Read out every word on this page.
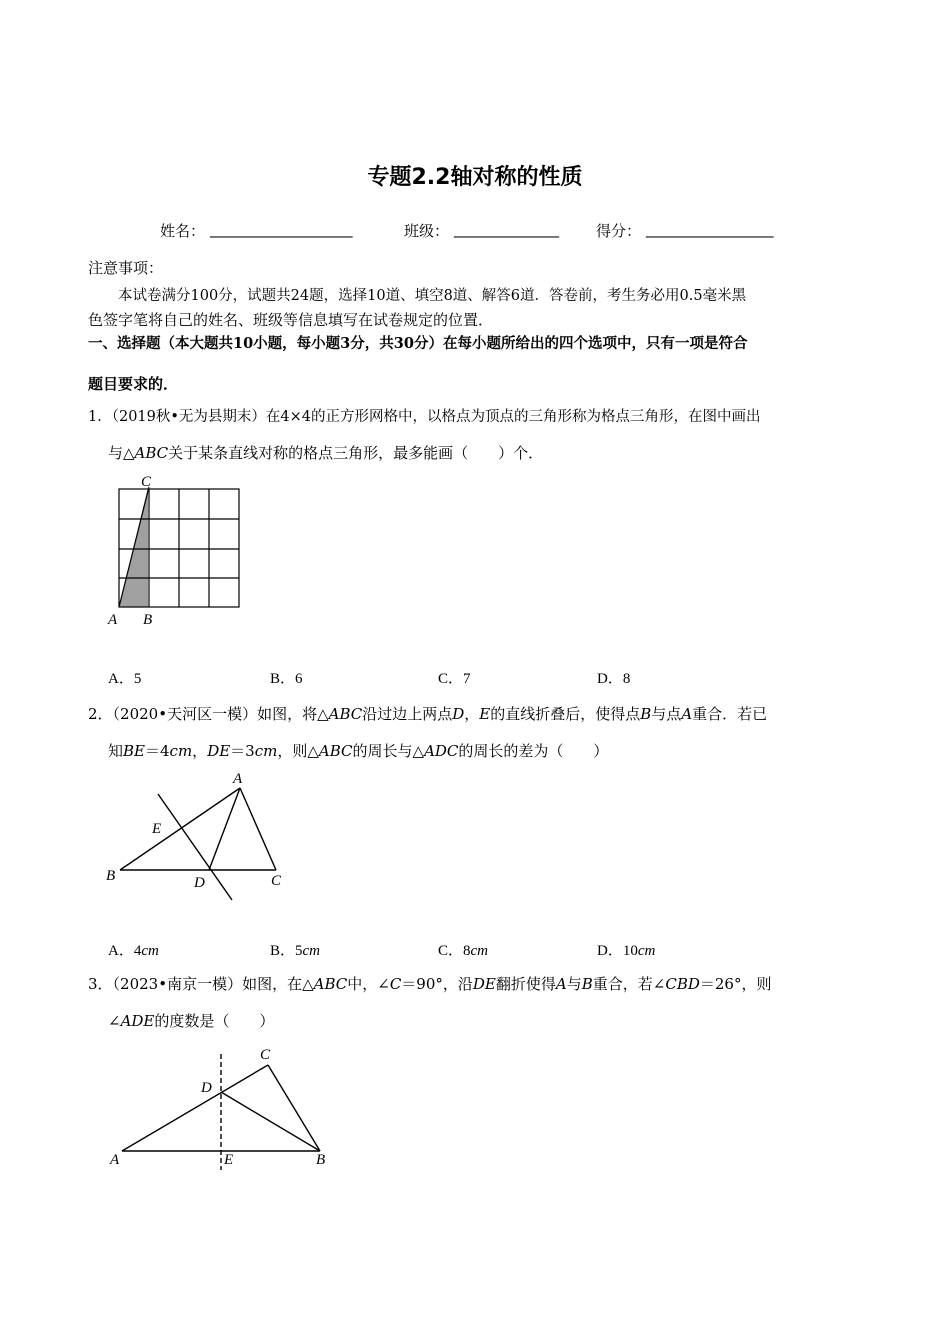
专题2.2轴对称的性质
姓名： ___________________	班级： ______________ 得分： _________________
注意事项：
本试卷满分100分，试题共24题，选择10道、填空8道、解答6道．答卷前，考生务必用0.5毫米黑
色签字笔将自己的姓名、班级等信息填写在试卷规定的位置．
一、选择题（本大题共10小题，每小题3分，共30分）在每小题所给出的四个选项中，只有一项是符合
题目要求的．
1．（2019秋•无为县期末）在4×4的正方形网格中，以格点为顶点的三角形称为格点三角形，在图中画出
与△ABC关于某条直线对称的格点三角形，最多能画（　　）个．
C
A B
A．5	B．6	C．7	D．8
2．（2020•天河区一模）如图，将△ABC沿过边上两点D，E的直线折叠后，使得点B与点A重合．若已
知BE＝4cm，DE＝3cm，则△ABC的周长与△ADC的周长的差为（　　）
A
E
B	D	C
A．4cm	B．5cm	C．8cm	D．10cm
3．（2023•南京一模）如图，在△ABC中，∠C＝90°，沿DE翻折使得A与B重合，若∠CBD＝26°，则
∠ADE的度数是（　　）
C
D
A	E	B
